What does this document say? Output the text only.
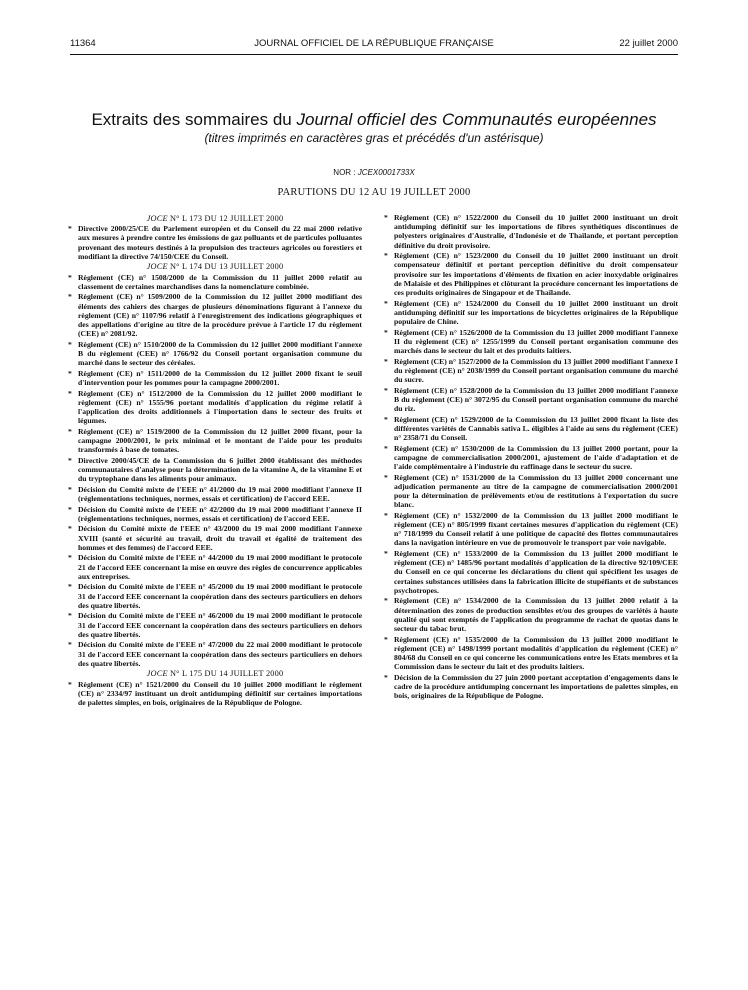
11364	JOURNAL OFFICIEL DE LA RÉPUBLIQUE FRANÇAISE	22 juillet 2000
Extraits des sommaires du Journal officiel des Communautés européennes
(titres imprimés en caractères gras et précédés d'un astérisque)
NOR : JCEX0001733X
PARUTIONS DU 12 AU 19 JUILLET 2000
JOCE N° L 173 DU 12 JUILLET 2000
* Directive 2000/25/CE du Parlement européen et du Conseil du 22 mai 2000 relative aux mesures à prendre contre les émissions de gaz polluants et de particules polluantes provenant des moteurs destinés à la propulsion des tracteurs agricoles ou forestiers et modifiant la directive 74/150/CEE du Conseil.
JOCE N° L 174 DU 13 JUILLET 2000
* Règlement (CE) n° 1508/2000 de la Commission du 11 juillet 2000 relatif au classement de certaines marchandises dans la nomenclature combinée.
* Règlement (CE) n° 1509/2000 de la Commission du 12 juillet 2000 modifiant des éléments des cahiers des charges de plusieurs dénominations figurant à l'annexe du règlement (CE) n° 1107/96 relatif à l'enregistrement des indications géographiques et des appellations d'origine au titre de la procédure prévue à l'article 17 du règlement (CEE) n° 2081/92.
* Règlement (CE) n° 1510/2000 de la Commission du 12 juillet 2000 modifiant l'annexe B du règlement (CEE) n° 1766/92 du Conseil portant organisation commune du marché dans le secteur des céréales.
* Règlement (CE) n° 1511/2000 de la Commission du 12 juillet 2000 fixant le seuil d'intervention pour les pommes pour la campagne 2000/2001.
* Règlement (CE) n° 1512/2000 de la Commission du 12 juillet 2000 modifiant le règlement (CE) n° 1555/96 portant modalités d'application du régime relatif à l'application des droits additionnels à l'importation dans le secteur des fruits et légumes.
* Règlement (CE) n° 1519/2000 de la Commission du 12 juillet 2000 fixant, pour la campagne 2000/2001, le prix minimal et le montant de l'aide pour les produits transformés à base de tomates.
* Directive 2000/45/CE de la Commission du 6 juillet 2000 établissant des méthodes communautaires d'analyse pour la détermination de la vitamine A, de la vitamine E et du tryptophane dans les aliments pour animaux.
* Décision du Comité mixte de l'EEE n° 41/2000 du 19 mai 2000 modifiant l'annexe II (réglementations techniques, normes, essais et certification) de l'accord EEE.
* Décision du Comité mixte de l'EEE n° 42/2000 du 19 mai 2000 modifiant l'annexe II (réglementations techniques, normes, essais et certification) de l'accord EEE.
* Décision du Comité mixte de l'EEE n° 43/2000 du 19 mai 2000 modifiant l'annexe XVIII (santé et sécurité au travail, droit du travail et égalité de traitement des hommes et des femmes) de l'accord EEE.
* Décision du Comité mixte de l'EEE n° 44/2000 du 19 mai 2000 modifiant le protocole 21 de l'accord EEE concernant la mise en œuvre des règles de concurrence applicables aux entreprises.
* Décision du Comité mixte de l'EEE n° 45/2000 du 19 mai 2000 modifiant le protocole 31 de l'accord EEE concernant la coopération dans des secteurs particuliers en dehors des quatre libertés.
* Décision du Comité mixte de l'EEE n° 46/2000 du 19 mai 2000 modifiant le protocole 31 de l'accord EEE concernant la coopération dans des secteurs particuliers en dehors des quatre libertés.
* Décision du Comité mixte de l'EEE n° 47/2000 du 22 mai 2000 modifiant le protocole 31 de l'accord EEE concernant la coopération dans des secteurs particuliers en dehors des quatre libertés.
JOCE N° L 175 DU 14 JUILLET 2000
* Règlement (CE) n° 1521/2000 du Conseil du 10 juillet 2000 modifiant le règlement (CE) n° 2334/97 instituant un droit antidumping définitif sur certaines importations de palettes simples, en bois, originaires de la République de Pologne.
* Règlement (CE) n° 1522/2000 du Conseil du 10 juillet 2000 instituant un droit antidumping définitif sur les importations de fibres synthétiques discontinues de polyesters originaires d'Australie, d'Indonésie et de Thaïlande, et portant perception définitive du droit provisoire.
* Règlement (CE) n° 1523/2000 du Conseil du 10 juillet 2000 instituant un droit compensateur définitif et portant perception définitive du droit compensateur provisoire sur les importations d'éléments de fixation en acier inoxydable originaires de Malaisie et des Philippines et clôturant la procédure concernant les importations de ces produits originaires de Singapour et de Thaïlande.
* Règlement (CE) n° 1524/2000 du Conseil du 10 juillet 2000 instituant un droit antidumping définitif sur les importations de bicyclettes originaires de la République populaire de Chine.
* Règlement (CE) n° 1526/2000 de la Commission du 13 juillet 2000 modifiant l'annexe II du règlement (CE) n° 1255/1999 du Conseil portant organisation commune des marchés dans le secteur du lait et des produits laitiers.
* Règlement (CE) n° 1527/2000 de la Commission du 13 juillet 2000 modifiant l'annexe I du règlement (CE) n° 2038/1999 du Conseil portant organisation commune du marché du sucre.
* Règlement (CE) n° 1528/2000 de la Commission du 13 juillet 2000 modifiant l'annexe B du règlement (CE) n° 3072/95 du Conseil portant organisation commune du marché du riz.
* Règlement (CE) n° 1529/2000 de la Commission du 13 juillet 2000 fixant la liste des différentes variétés de Cannabis sativa L. éligibles à l'aide au sens du règlement (CEE) n° 2358/71 du Conseil.
* Règlement (CE) n° 1530/2000 de la Commission du 13 juillet 2000 portant, pour la campagne de commercialisation 2000/2001, ajustement de l'aide d'adaptation et de l'aide complémentaire à l'industrie du raffinage dans le secteur du sucre.
* Règlement (CE) n° 1531/2000 de la Commission du 13 juillet 2000 concernant une adjudication permanente au titre de la campagne de commercialisation 2000/2001 pour la détermination de prélèvements et/ou de restitutions à l'exportation du sucre blanc.
* Règlement (CE) n° 1532/2000 de la Commission du 13 juillet 2000 modifiant le règlement (CE) n° 805/1999 fixant certaines mesures d'application du règlement (CE) n° 718/1999 du Conseil relatif à une politique de capacité des flottes communautaires dans la navigation intérieure en vue de promouvoir le transport par voie navigable.
* Règlement (CE) n° 1533/2000 de la Commission du 13 juillet 2000 modifiant le règlement (CE) n° 1485/96 portant modalités d'application de la directive 92/109/CEE du Conseil en ce qui concerne les déclarations du client qui spécifient les usages de certaines substances utilisées dans la fabrication illicite de stupéfiants et de substances psychotropes.
* Règlement (CE) n° 1534/2000 de la Commission du 13 juillet 2000 relatif à la détermination des zones de production sensibles et/ou des groupes de variétés à haute qualité qui sont exemptés de l'application du programme de rachat de quotas dans le secteur du tabac brut.
* Règlement (CE) n° 1535/2000 de la Commission du 13 juillet 2000 modifiant le règlement (CE) n° 1498/1999 portant modalités d'application du règlement (CEE) n° 804/68 du Conseil en ce qui concerne les communications entre les Etats membres et la Commission dans le secteur du lait et des produits laitiers.
* Décision de la Commission du 27 juin 2000 portant acceptation d'engagements dans le cadre de la procédure antidumping concernant les importations de palettes simples, en bois, originaires de la République de Pologne.
